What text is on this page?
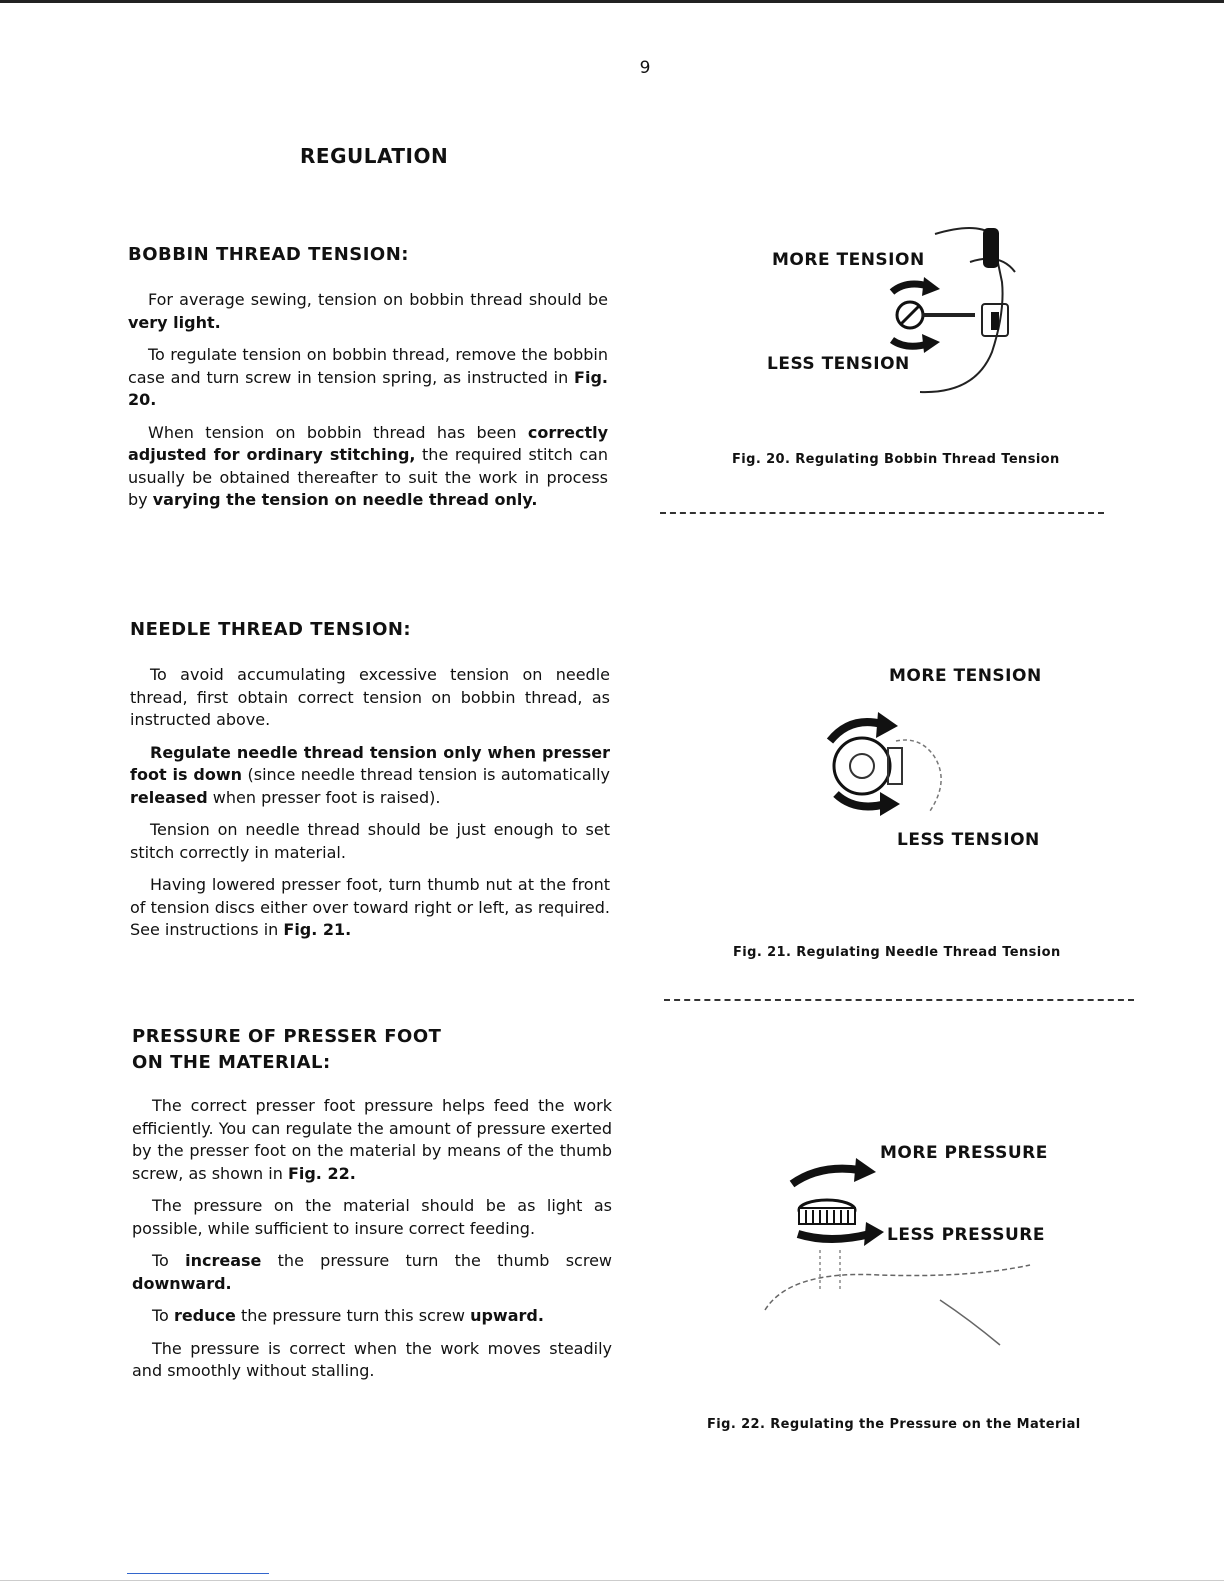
9
REGULATION
BOBBIN THREAD TENSION:

For average sewing, tension on bobbin thread should be very light.

To regulate tension on bobbin thread, remove the bobbin case and turn screw in tension spring, as instructed in Fig. 20.

When tension on bobbin thread has been correctly adjusted for ordinary stitching, the required stitch can usually be obtained thereafter to suit the work in process by varying the tension on needle thread only.

NEEDLE THREAD TENSION:

To avoid accumulating excessive tension on needle thread, first obtain correct tension on bobbin thread, as instructed above.

Regulate needle thread tension only when presser foot is down (since needle thread tension is automatically released when presser foot is raised).

Tension on needle thread should be just enough to set stitch correctly in material.

Having lowered presser foot, turn thumb nut at the front of tension discs either over toward right or left, as required. See instructions in Fig. 21.

PRESSURE OF PRESSER FOOT
ON THE MATERIAL:

The correct presser foot pressure helps feed the work efficiently. You can regulate the amount of pressure exerted by the presser foot on the material by means of the thumb screw, as shown in Fig. 22.

The pressure on the material should be as light as possible, while sufficient to insure correct feeding.

To increase the pressure turn the thumb screw downward.

To reduce the pressure turn this screw upward.

The pressure is correct when the work moves steadily and smoothly without stalling.

MORE TENSION
LESS TENSION
Fig. 20. Regulating Bobbin Thread Tension
MORE TENSION
LESS TENSION
Fig. 21. Regulating Needle Thread Tension
MORE PRESSURE
LESS PRESSURE
Fig. 22. Regulating the Pressure on the Material
